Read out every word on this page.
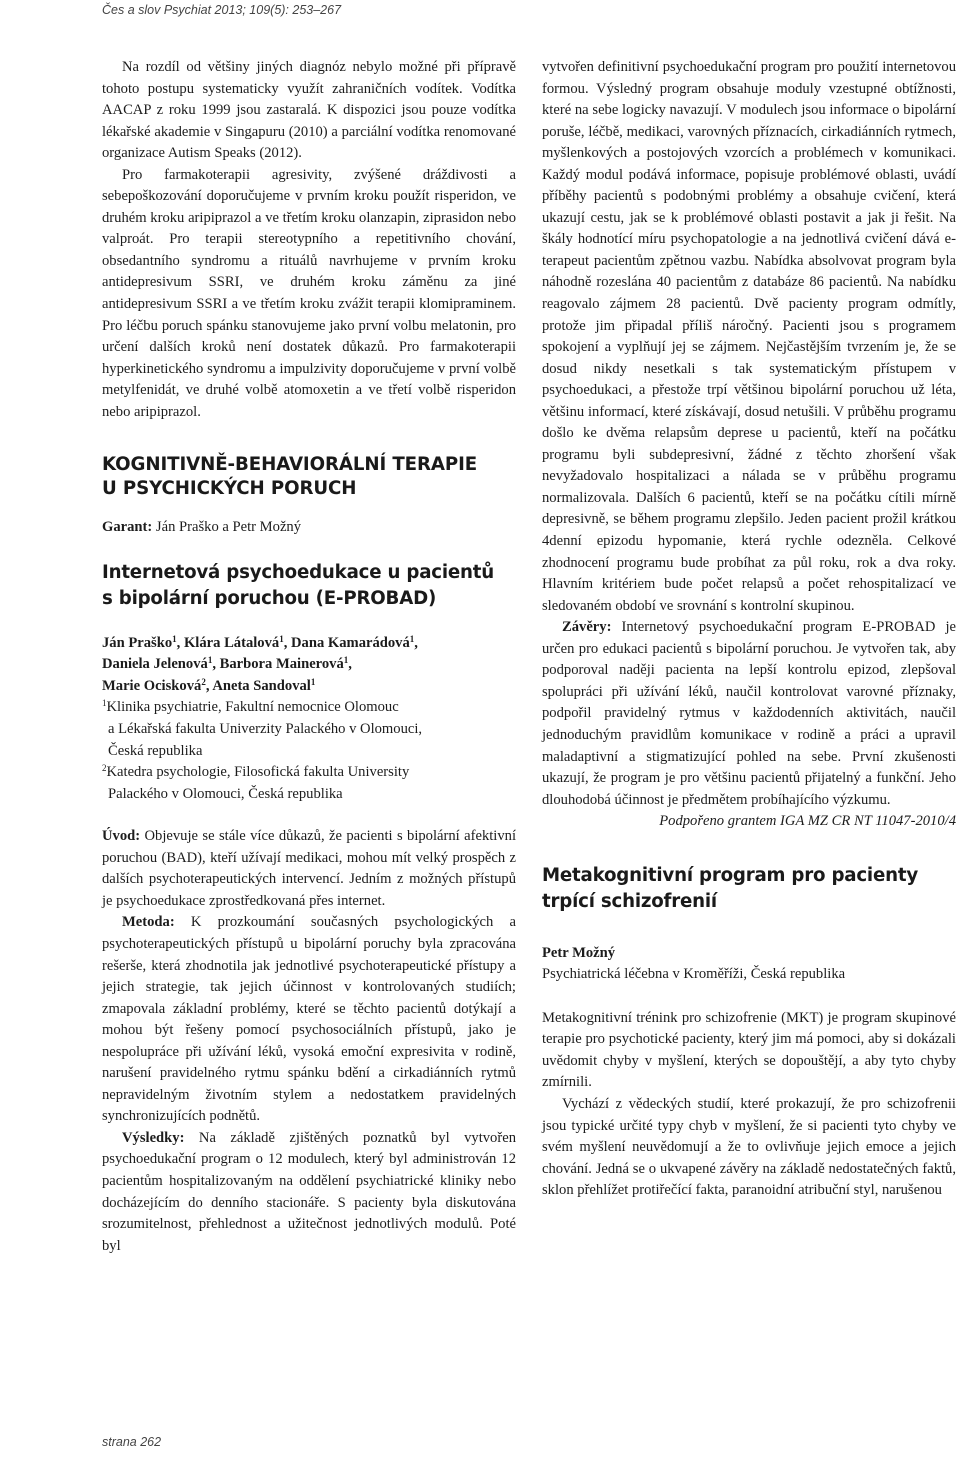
Čes a slov Psychiat 2013; 109(5): 253–267

Na rozdíl od většiny jiných diagnóz nebylo možné při přípravě tohoto postupu systematicky využít zahraničních vodítek. Vodítka AACAP z roku 1999 jsou zastaralá. K dispozici jsou pouze vodítka lékařské akademie v Singapuru (2010) a parciální vodítka renomované organizace Autism Speaks (2012).

Pro farmakoterapii agresivity, zvýšené dráždivosti a sebepoškozování doporučujeme v prvním kroku použít risperidon, ve druhém kroku aripiprazol a ve třetím kroku olanzapin, ziprasidon nebo valproát. Pro terapii stereotypního a repetitivního chování, obsedantního syndromu a rituálů navrhujeme v prvním kroku antidepresivum SSRI, ve druhém kroku záměnu za jiné antidepresivum SSRI a ve třetím kroku zvážit terapii klomipraminem. Pro léčbu poruch spánku stanovujeme jako první volbu melatonin, pro určení dalších kroků není dostatek důkazů. Pro farmakoterapii hyperkinetického syndromu a impulzivity doporučujeme v první volbě metylfenidát, ve druhé volbě atomoxetin a ve třetí volbě risperidon nebo aripiprazol.

KOGNITIVNĚ-BEHAVIORÁLNÍ TERAPIE
U PSYCHICKÝCH PORUCH

Garant: Ján Praško a Petr Možný

Internetová psychoedukace u pacientů
s bipolární poruchou (E-PROBAD)
Ján Praško$^1$, Klára Látalová$^1$, Dana Kamarádová$^1$,
Daniela Jelenová$^1$, Barbora Mainerová$^1$,
Marie Ocisková$^2$, Aneta Sandoval$^1$
$^1$Klinika psychiatrie, Fakultní nemocnice Olomouc
a Lékařská fakulta Univerzity Palackého v Olomouci,
Česká republika
$^2$Katedra psychologie, Filosofická fakulta University
Palackého v Olomouci, Česká republika

Úvod: Objevuje se stále více důkazů, že pacienti s bipolární afektivní poruchou (BAD), kteří užívají medikaci, mohou mít velký prospěch z dalších psychoterapeutických intervencí. Jedním z možných přístupů je psychoedukace zprostředkovaná přes internet.

Metoda: K prozkoumání současných psychologických a psychoterapeutických přístupů u bipolární poruchy byla zpracována rešerše, která zhodnotila jak jednotlivé psychoterapeutické přístupy a jejich strategie, tak jejich účinnost v kontrolovaných studiích; zmapovala základní problémy, které se těchto pacientů dotýkají a mohou být řešeny pomocí psychosociálních přístupů, jako je nespolupráce při užívání léků, vysoká emoční expresivita v rodině, narušení pravidelného rytmu spánku bdění a cirkadiánních rytmů nepravidelným životním stylem a nedostatkem pravidelných synchronizujících podnětů.

Výsledky: Na základě zjištěných poznatků byl vytvořen psychoedukační program o 12 modulech, který byl administrován 12 pacientům hospitalizovaným na oddělení psychiatrické kliniky nebo docházejícím do denního stacionáře. S pacienty byla diskutována srozumitelnost, přehlednost a užitečnost jednotlivých modulů. Poté byl

vytvořen definitivní psychoedukační program pro použití internetovou formou. Výsledný program obsahuje moduly vzestupné obtížnosti, které na sebe logicky navazují. V modulech jsou informace o bipolární poruše, léčbě, medikaci, varovných příznacích, cirkadiánních rytmech, myšlenkových a postojových vzorcích a problémech v komunikaci. Každý modul podává informace, popisuje problémové oblasti, uvádí příběhy pacientů s podobnými problémy a obsahuje cvičení, která ukazují cestu, jak se k problémové oblasti postavit a jak ji řešit. Na škály hodnotící míru psychopatologie a na jednotlivá cvičení dává e-terapeut pacientům zpětnou vazbu. Nabídka absolvovat program byla náhodně rozeslána 40 pacientům z databáze 86 pacientů. Na nabídku reagovalo zájmem 28 pacientů. Dvě pacienty program odmítly, protože jim připadal příliš náročný. Pacienti jsou s programem spokojení a vyplňují jej se zájmem. Nejčastějším tvrzením je, že se dosud nikdy nesetkali s tak systematickým přístupem v psychoedukaci, a přestože trpí většinou bipolární poruchou už léta, většinu informací, které získávají, dosud netušili. V průběhu programu došlo ke dvěma relapsům deprese u pacientů, kteří na počátku programu byli subdepresivní, žádné z těchto zhoršení však nevyžadovalo hospitalizaci a nálada se v průběhu programu normalizovala. Dalších 6 pacientů, kteří se na počátku cítili mírně depresivně, se během programu zlepšilo. Jeden pacient prožil krátkou 4denní epizodu hypomanie, která rychle odezněla. Celkové zhodnocení programu bude probíhat za půl roku, rok a dva roky. Hlavním kritériem bude počet relapsů a počet rehospitalizací ve sledovaném období ve srovnání s kontrolní skupinou.

Závěry: Internetový psychoedukační program E-PROBAD je určen pro edukaci pacientů s bipolární poruchou. Je vytvořen tak, aby podporoval naději pacienta na lepší kontrolu epizod, zlepšoval spolupráci při užívání léků, naučil kontrolovat varovné příznaky, podpořil pravidelný rytmus v každodenních aktivitách, naučil jednoduchým pravidlům komunikace v rodině a práci a upravil maladaptivní a stigmatizující pohled na sebe. První zkušenosti ukazují, že program je pro většinu pacientů přijatelný a funkční. Jeho dlouhodobá účinnost je předmětem probíhajícího výzkumu.

Podpořeno grantem IGA MZ CR NT 11047-2010/4

Metakognitivní program pro pacienty
trpící schizofrenií

Petr Možný

Psychiatrická léčebna v Kroměříži, Česká republika

Metakognitivní trénink pro schizofrenie (MKT) je program skupinové terapie pro psychotické pacienty, který jim má pomoci, aby si dokázali uvědomit chyby v myšlení, kterých se dopouštějí, a aby tyto chyby zmírnili.

Vychází z vědeckých studií, které prokazují, že pro schizofrenii jsou typické určité typy chyb v myšlení, že si pacienti tyto chyby ve svém myšlení neuvědomují a že to ovlivňuje jejich emoce a jejich chování. Jedná se o ukvapené závěry na základě nedostatečných faktů, sklon přehlížet protiřečící fakta, paranoidní atribuční styl, narušenou

strana 262
